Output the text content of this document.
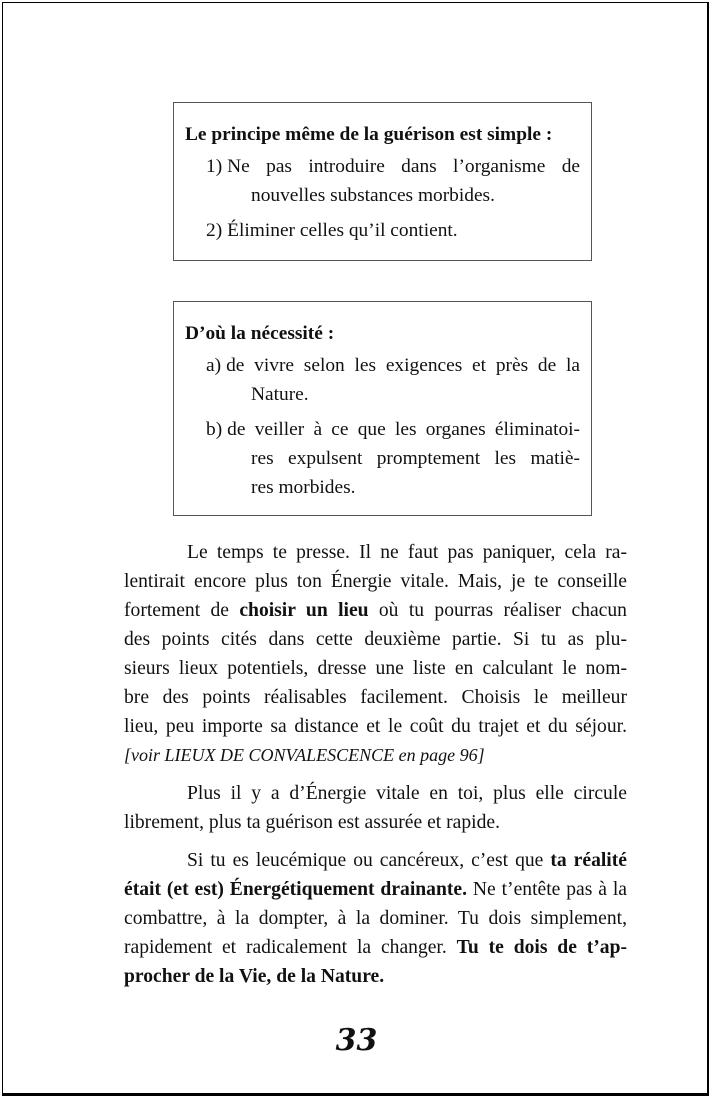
Le principe même de la guérison est simple :
1) Ne pas introduire dans l’organisme de
nouvelles substances morbides.
2) Éliminer celles qu’il contient.
D’où la nécessité :
a) de vivre selon les exigences et près de la
Nature.
b) de veiller à ce que les organes éliminatoi-
res expulsent promptement les matiè-
res morbides.
Le temps te presse. Il ne faut pas paniquer, cela ra-
lentirait encore plus ton Énergie vitale. Mais, je te conseille
fortement de choisir un lieu où tu pourras réaliser chacun
des points cités dans cette deuxième partie. Si tu as plu-
sieurs lieux potentiels, dresse une liste en calculant le nom-
bre des points réalisables facilement. Choisis le meilleur
lieu, peu importe sa distance et le coût du trajet et du séjour.
[voir LIEUX DE CONVALESCENCE en page 96]
Plus il y a d’Énergie vitale en toi, plus elle circule
librement, plus ta guérison est assurée et rapide.
Si tu es leucémique ou cancéreux, c’est que ta réalité
était (et est) Énergétiquement drainante. Ne t’entête pas à la
combattre, à la dompter, à la dominer. Tu dois simplement,
rapidement et radicalement la changer. Tu te dois de t’ap-
procher de la Vie, de la Nature.
33
